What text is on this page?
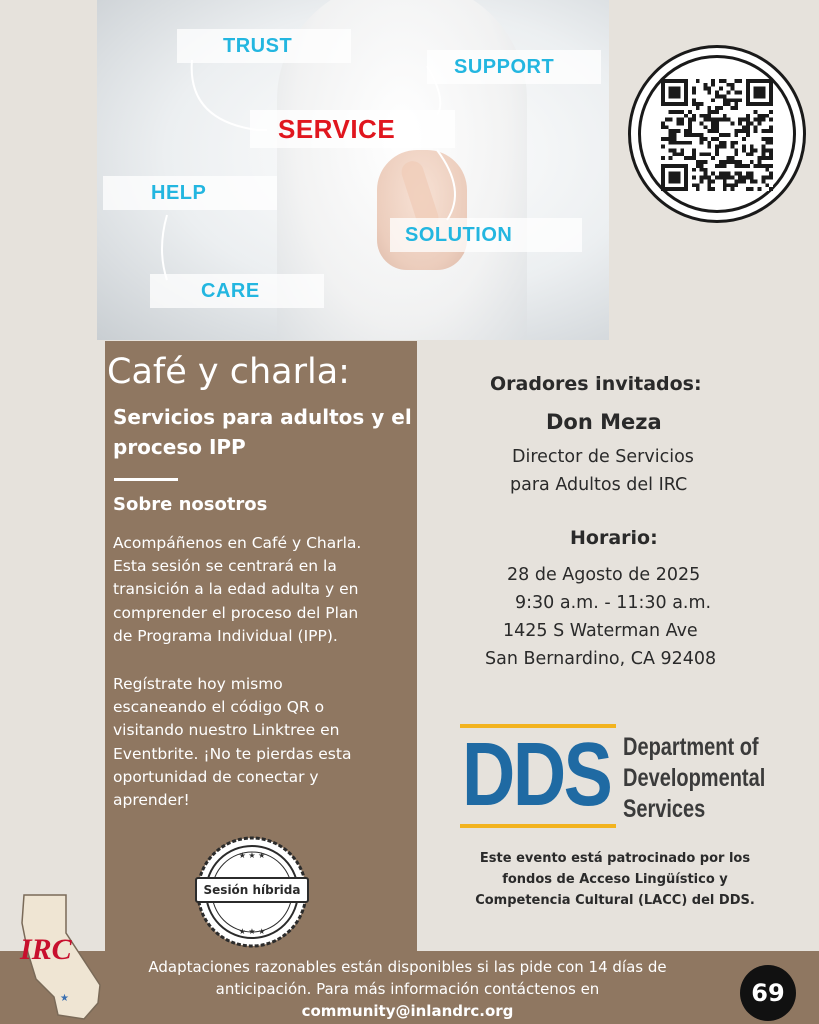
TRUST
SUPPORT
SERVICE
HELP
SOLUTION
CARE
Café y charla:
Servicios para adultos y el proceso IPP
Sobre nosotros
Acompáñenos en Café y Charla.
Esta sesión se centrará en la
transición a la edad adulta y en
comprender el proceso del Plan
de Programa Individual (IPP).
Regístrate hoy mismo
escaneando el código QR o
visitando nuestro Linktree en
Eventbrite. ¡No te pierdas esta
oportunidad de conectar y
aprender!
★ ★ ★
★ ★ ★
Sesión híbrida
Oradores invitados:
Don Meza
Director de Servicios
para Adultos del IRC
Horario:
28 de Agosto de 2025
9:30 a.m. - 11:30 a.m.
1425 S Waterman Ave
San Bernardino, CA 92408
DDS Department of
Developmental
Services
Este evento está patrocinado por los
fondos de Acceso Lingüístico y
Competencia Cultural (LACC) del DDS.
Adaptaciones razonables están disponibles si las pide con 14 días de
anticipación. Para más información contáctenos en
community@inlandrc.org
IRC
★	69
